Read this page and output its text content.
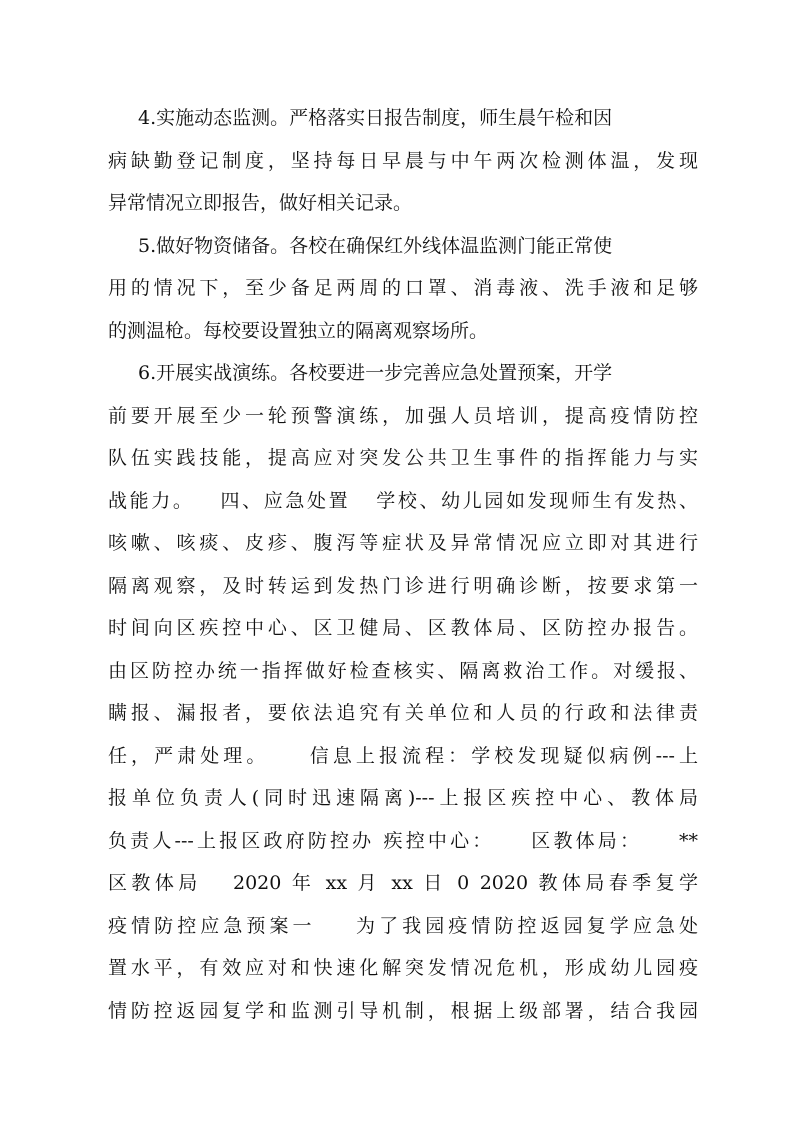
4.实施动态监测。严格落实日报告制度，师生晨午检和因
病缺勤登记制度，坚持每日早晨与中午两次检测体温，发现
异常情况立即报告，做好相关记录。
5.做好物资储备。各校在确保红外线体温监测门能正常使
用的情况下，至少备足两周的口罩、消毒液、洗手液和足够
的测温枪。每校要设置独立的隔离观察场所。
6.开展实战演练。各校要进一步完善应急处置预案，开学
前要开展至少一轮预警演练，加强人员培训，提高疫情防控
队伍实践技能，提高应对突发公共卫生事件的指挥能力与实
战能力。   四、应急处置   学校、幼儿园如发现师生有发热、
咳嗽、咳痰、皮疹、腹泻等症状及异常情况应立即对其进行
隔离观察，及时转运到发热门诊进行明确诊断，按要求第一
时间向区疾控中心、区卫健局、区教体局、区防控办报告。
由区防控办统一指挥做好检查核实、隔离救治工作。对缓报、
瞒报、漏报者，要依法追究有关单位和人员的行政和法律责
任，严肃处理。    信息上报流程：学校发现疑似病例---上
报单位负责人(同时迅速隔离)---上报区疾控中心、教体局
负责人---上报区政府防控办 疾控中心：    区教体局：    **
区教体局   2020 年 xx 月 xx 日 0 2020 教体局春季复学
疫情防控应急预案一    为了我园疫情防控返园复学应急处
置水平，有效应对和快速化解突发情况危机，形成幼儿园疫
情防控返园复学和监测引导机制，根据上级部署，结合我园
